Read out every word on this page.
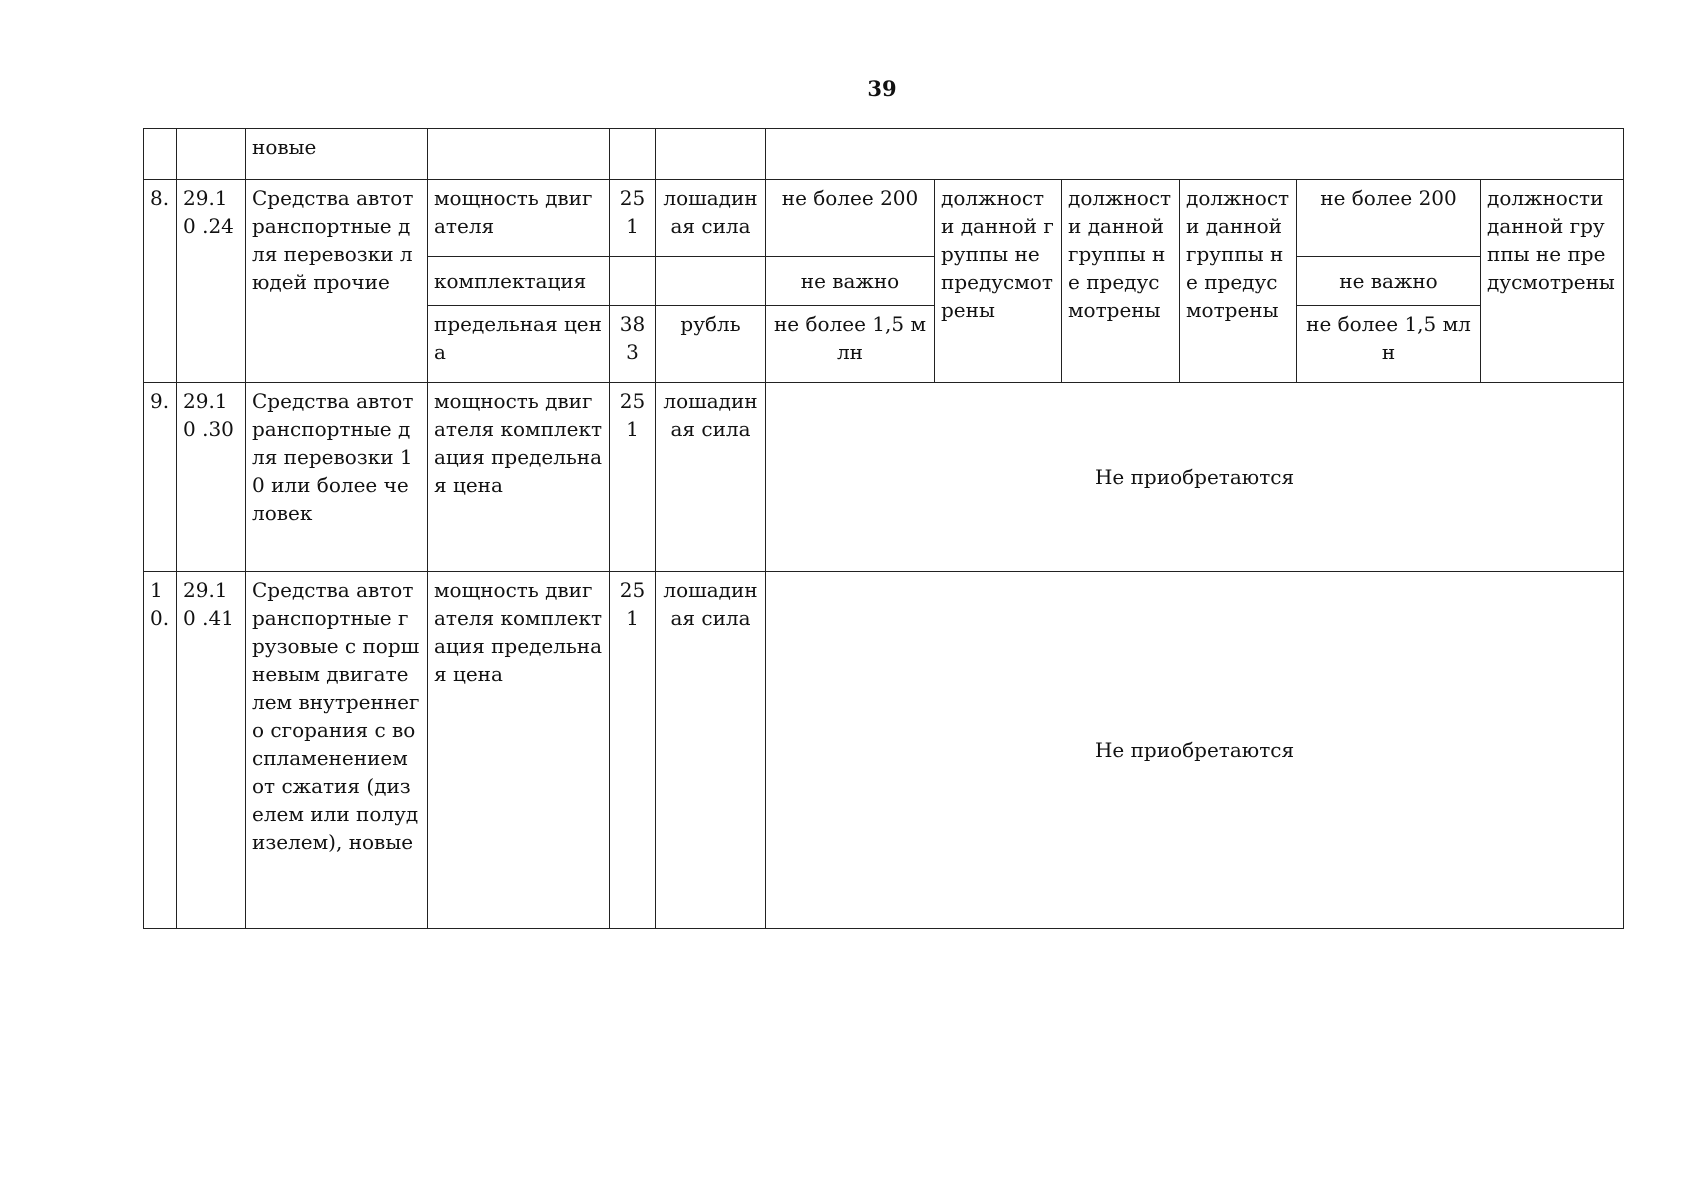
39
		новые									
8.	29.10 .24	Средства автотранспортные для перевозки людей прочие	мощность двигателя	251	лошадиная сила	не более 200	должности данной группы не предусмотрены	должности данной группы не предусмотрены	должности данной группы не предусмотрены	не более 200	должности данной группы не предусмотрены
			комплектация			не важно				не важно	
			предельная цена	383	рубль	не более 1,5 млн				не более 1,5 млн	
9.	29.10 .30	Средства автотранспортные для перевозки 10 или более человек	мощность двигателя комплектация предельная цена	251	лошадиная сила	Не приобретаются					
10.	29.10 .41	Средства автотранспортные грузовые с поршневым двигателем внутреннего сгорания с воспламенением от сжатия (дизелем или полудизелем), новые	мощность двигателя комплектация предельная цена	251	лошадиная сила	Не приобретаются					
